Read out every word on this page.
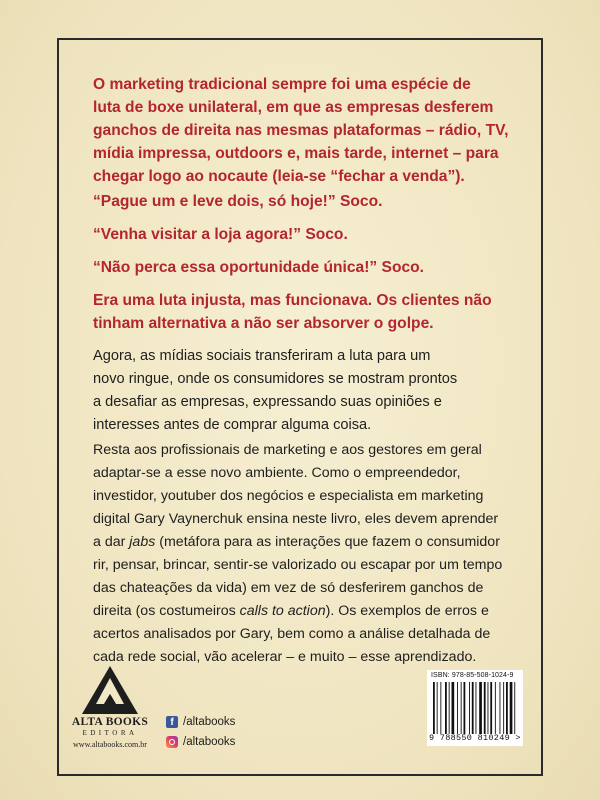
O marketing tradicional sempre foi uma espécie de
luta de boxe unilateral, em que as empresas desferem
ganchos de direita nas mesmas plataformas – rádio, TV,
mídia impressa, outdoors e, mais tarde, internet – para
chegar logo ao nocaute (leia-se “fechar a venda”).

“Pague um e leve dois, só hoje!” Soco.

“Venha visitar a loja agora!” Soco.

“Não perca essa oportunidade única!” Soco.

Era uma luta injusta, mas funcionava. Os clientes não
tinham alternativa a não ser absorver o golpe.

Agora, as mídias sociais transferiram a luta para um
novo ringue, onde os consumidores se mostram prontos
a desafiar as empresas, expressando suas opiniões e
interesses antes de comprar alguma coisa.

Resta aos profissionais de marketing e aos gestores em geral
adaptar-se a esse novo ambiente. Como o empreendedor,
investidor, youtuber dos negócios e especialista em marketing
digital Gary Vaynerchuk ensina neste livro, eles devem aprender
a dar jabs (metáfora para as interações que fazem o consumidor
rir, pensar, brincar, sentir-se valorizado ou escapar por um tempo
das chateações da vida) em vez de só desferirem ganchos de
direita (os costumeiros calls to action). Os exemplos de erros e
acertos analisados por Gary, bem como a análise detalhada de
cada rede social, vão acelerar – e muito – esse aprendizado.

ALTA BOOKS
EDITORA
www.altabooks.com.br
f /altabooks
/altabooks
ISBN: 978-85-508-1024-9
9 788550 810249 >
